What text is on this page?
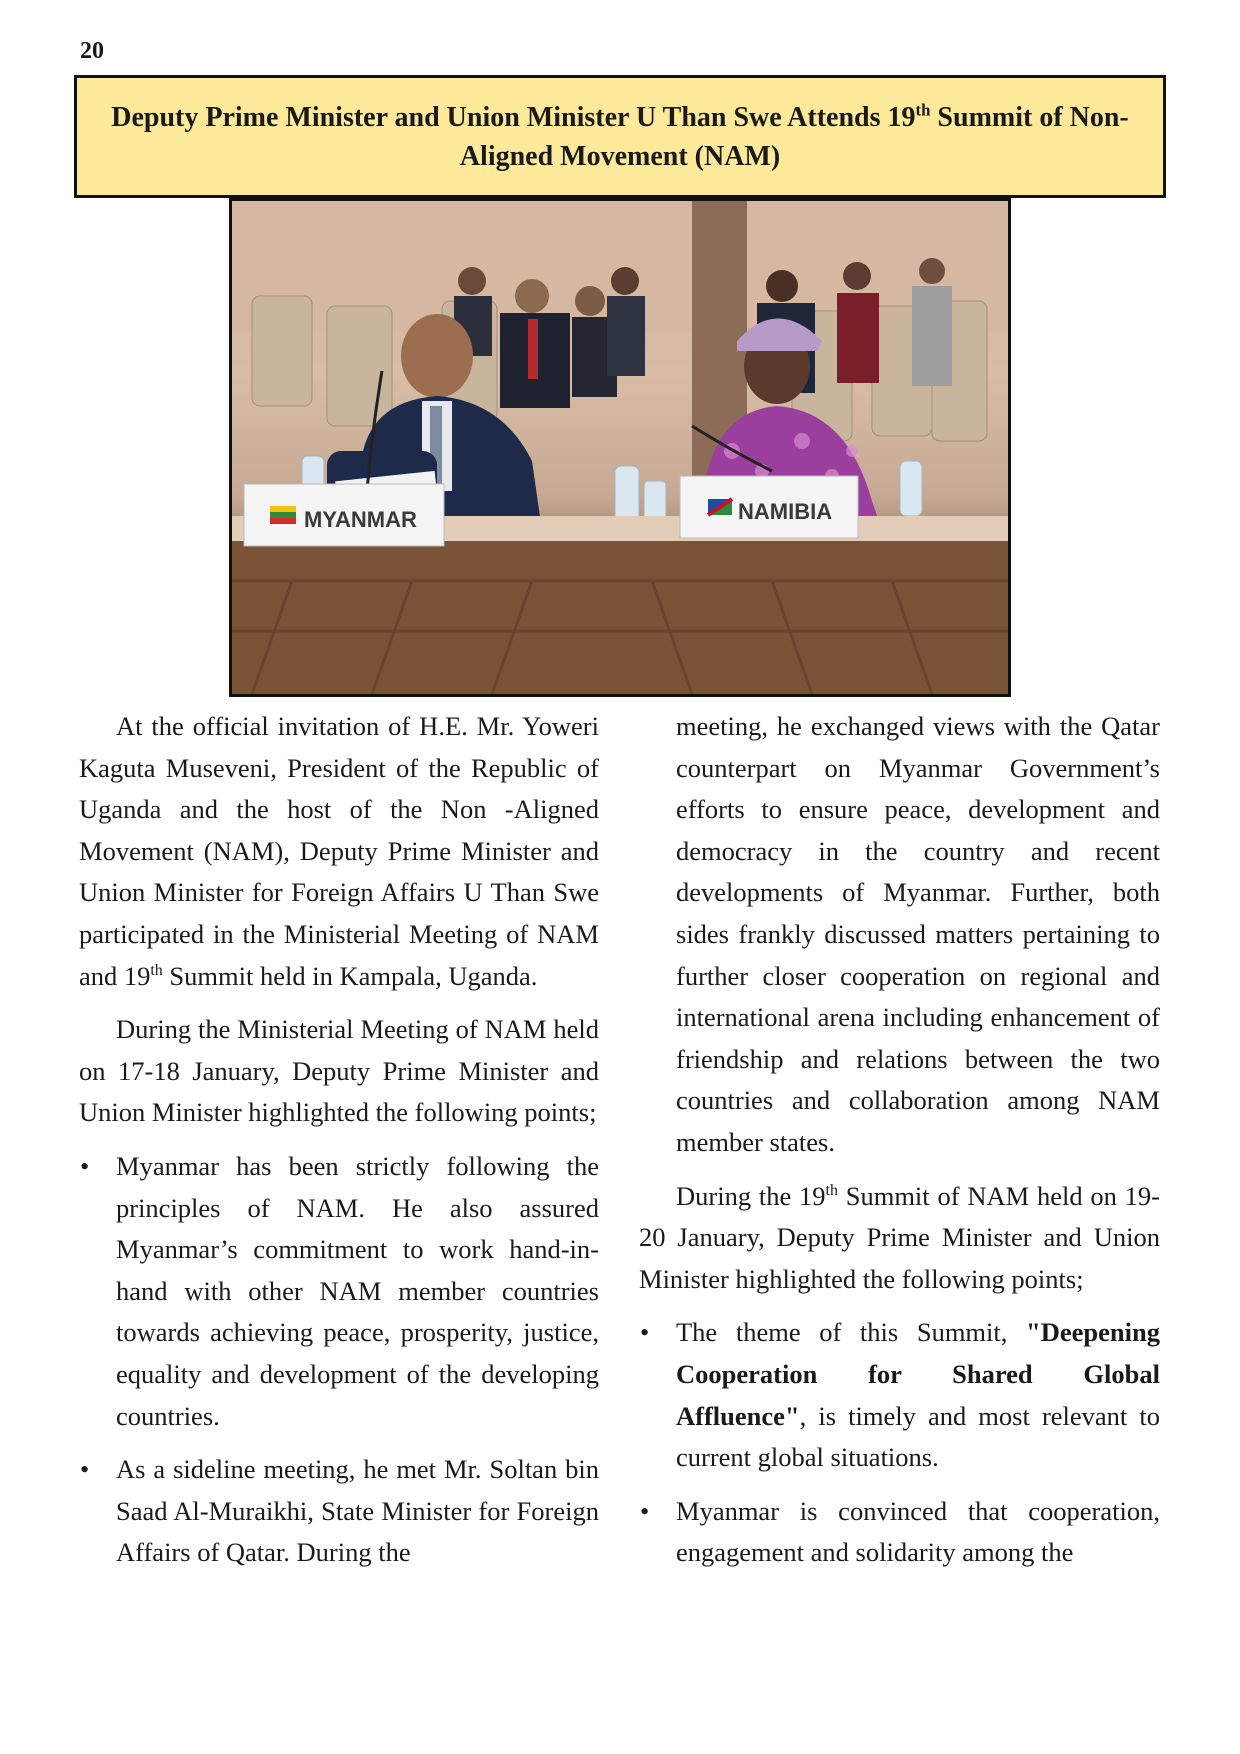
20
Deputy Prime Minister and Union Minister U Than Swe Attends 19th Summit of Non-Aligned Movement (NAM)
MYANMAR	NAMIBIA

At the official invitation of H.E. Mr. Yoweri Kaguta Museveni, President of the Republic of Uganda and the host of the Non -Aligned Movement (NAM), Deputy Prime Minister and Union Minister for Foreign Affairs U Than Swe participated in the Ministerial Meeting of NAM and 19th Summit held in Kampala, Uganda.

During the Ministerial Meeting of NAM held on 17-18 January, Deputy Prime Minister and Union Minister highlighted the following points;

• Myanmar has been strictly following the principles of NAM. He also assured Myanmar’s commitment to work hand-in-hand with other NAM member countries towards achieving peace, prosperity, justice, equality and development of the developing countries.
• As a sideline meeting, he met Mr. Soltan bin Saad Al-Muraikhi, State Minister for Foreign Affairs of Qatar. During the

meeting, he exchanged views with the Qatar counterpart on Myanmar Government’s efforts to ensure peace, development and democracy in the country and recent developments of Myanmar. Further, both sides frankly discussed matters pertaining to further closer cooperation on regional and international arena including enhancement of friendship and relations between the two countries and collaboration among NAM member states.

During the 19th Summit of NAM held on 19-20 January, Deputy Prime Minister and Union Minister highlighted the following points;

• The theme of this Summit, "Deepening Cooperation for Shared Global Affluence", is timely and most relevant to current global situations.
• Myanmar is convinced that cooperation, engagement and solidarity among the
